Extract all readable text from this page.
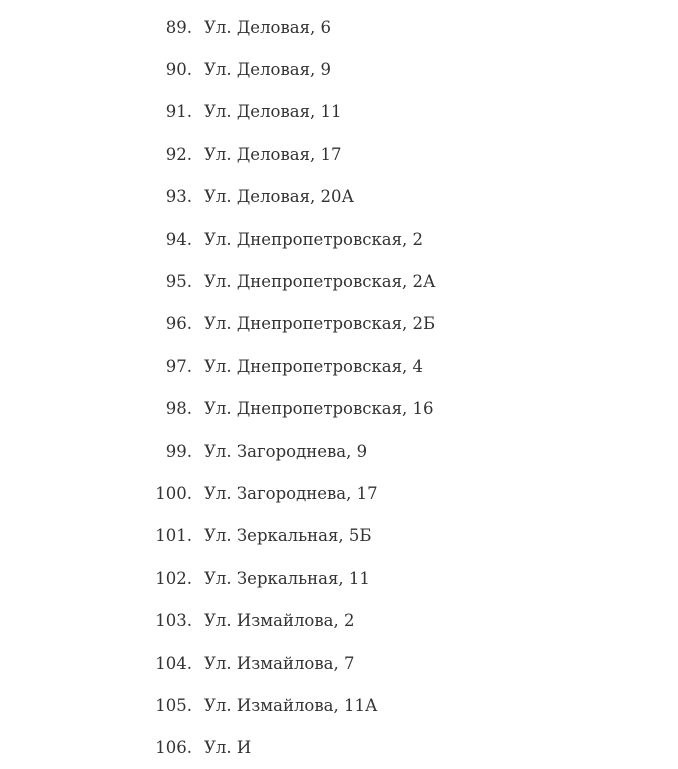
89. Ул. Деловая, 6
90. Ул. Деловая, 9
91. Ул. Деловая, 11
92. Ул. Деловая, 17
93. Ул. Деловая, 20А
94. Ул. Днепропетровская, 2
95. Ул. Днепропетровская, 2А
96. Ул. Днепропетровская, 2Б
97. Ул. Днепропетровская, 4
98. Ул. Днепропетровская, 16
99. Ул. Загороднева, 9
100. Ул. Загороднева, 17
101. Ул. Зеркальная, 5Б
102. Ул. Зеркальная, 11
103. Ул. Измайлова, 2
104. Ул. Измайлова, 7
105. Ул. Измайлова, 11А
106. Ул. И
